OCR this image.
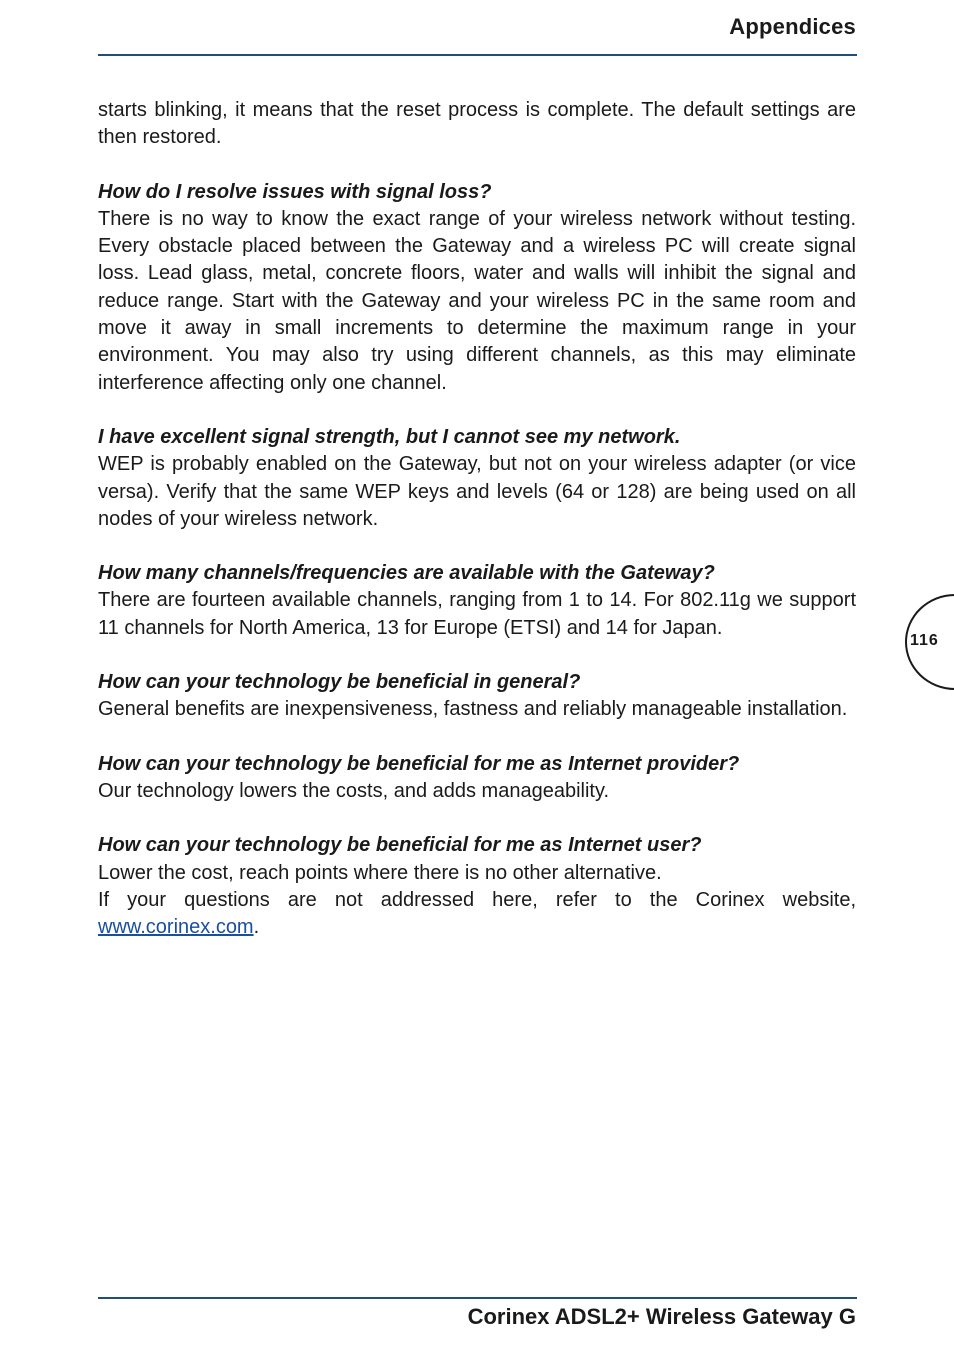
Appendices

starts blinking, it means that the reset process is complete. The default settings are then restored.

How do I resolve issues with signal loss?

There is no way to know the exact range of your wireless network without testing. Every obstacle placed between the Gateway and a wireless PC will create signal loss. Lead glass, metal, concrete floors, water and walls will inhibit the signal and reduce range. Start with the Gateway and your wireless PC in the same room and move it away in small increments to determine the maximum range in your environment. You may also try using different channels, as this may eliminate interference affecting only one channel.

I have excellent signal strength, but I cannot see my network.

WEP is probably enabled on the Gateway, but not on your wireless adapter (or vice versa). Verify that the same WEP keys and levels (64 or 128) are being used on all nodes of your wireless network.

How many channels/frequencies are available with the Gateway?

There are fourteen available channels, ranging from 1 to 14. For 802.11g we support 11 channels for North America, 13 for Europe (ETSI) and 14 for Japan.

How can your technology be beneficial in general?

General benefits are inexpensiveness, fastness and reliably manageable installation.

How can your technology be beneficial for me as Internet provider?

Our technology lowers the costs, and adds manageability.

How can your technology be beneficial for me as Internet user?

Lower the cost, reach points where there is no other alternative.

If your questions are not addressed here, refer to the Corinex website, www.corinex.com.

116
Corinex ADSL2+ Wireless Gateway G
